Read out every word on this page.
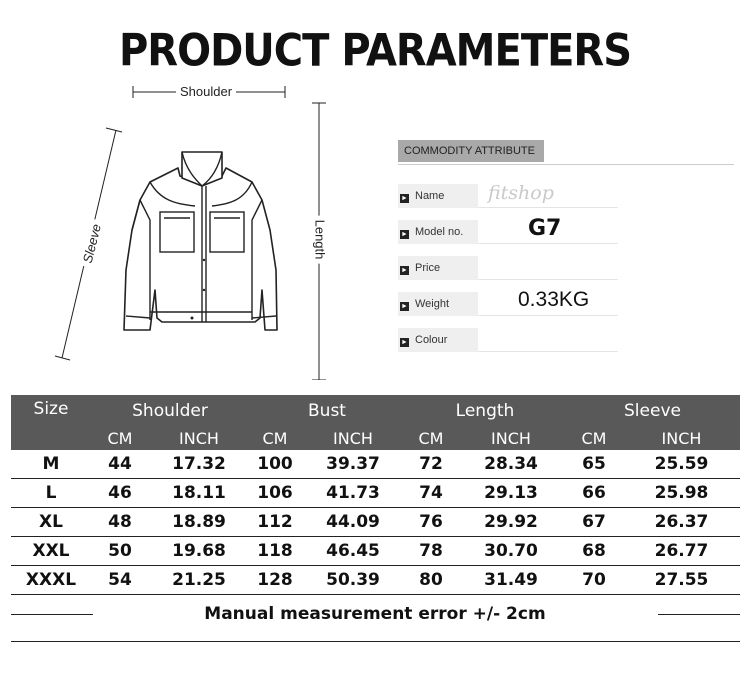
PRODUCT PARAMETERS
Shoulder
Length
Sleeve
COMMODITY ATTRIBUTE
► Name	fitshop
► Model no.	G7
► Price
► Weight	0.33KG
► Colour
Size	Shoulder		Bust		Length		Sleeve	
	CM	INCH	CM	INCH	CM	INCH	CM	INCH
M	44	17.32	100	39.37	72	28.34	65	25.59
L	46	18.11	106	41.73	74	29.13	66	25.98
XL	48	18.89	112	44.09	76	29.92	67	26.37
XXL	50	19.68	118	46.45	78	30.70	68	26.77
XXXL	54	21.25	128	50.39	80	31.49	70	27.55
Manual measurement error +/- 2cm
